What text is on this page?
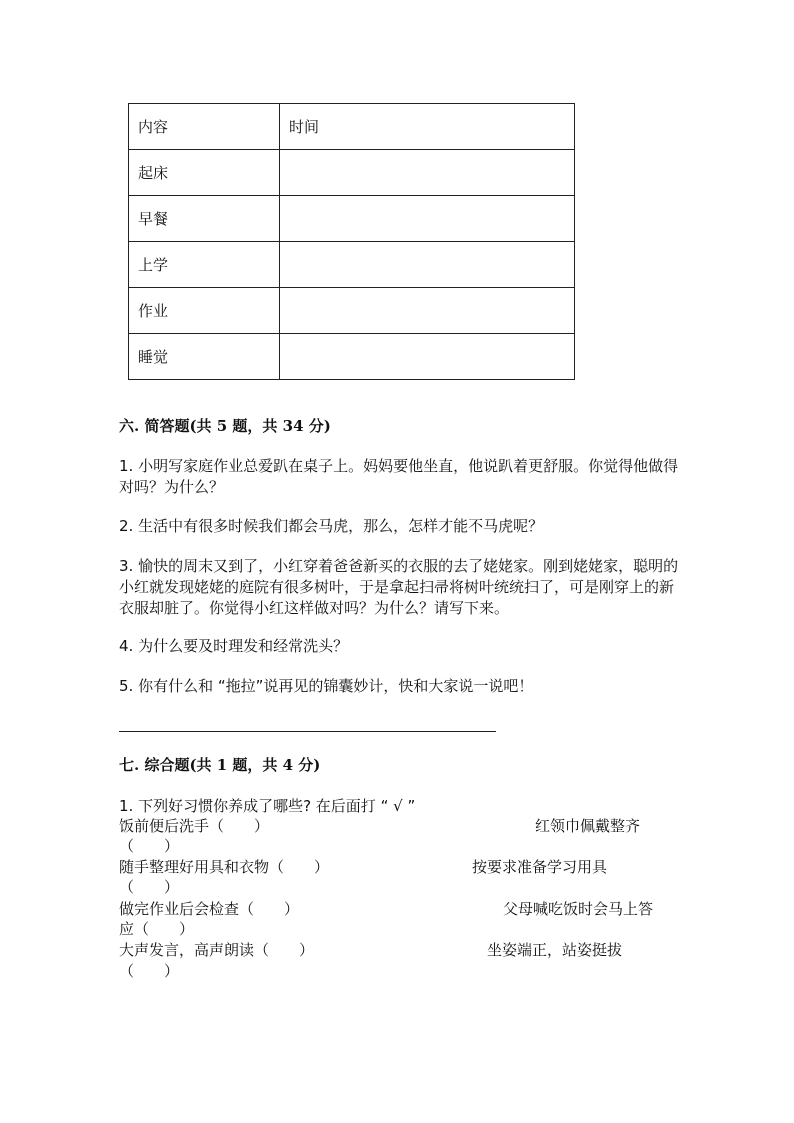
内容	时间
起床	
早餐	
上学	
作业	
睡觉	
六. 简答题(共 5 题，共 34 分)
1. 小明写家庭作业总爱趴在桌子上。妈妈要他坐直，他说趴着更舒服。你觉得他做得对吗？为什么？
2. 生活中有很多时候我们都会马虎，那么，怎样才能不马虎呢？
3. 愉快的周末又到了，小红穿着爸爸新买的衣服的去了姥姥家。刚到姥姥家，聪明的小红就发现姥姥的庭院有很多树叶，于是拿起扫帚将树叶统统扫了，可是刚穿上的新衣服却脏了。你觉得小红这样做对吗？为什么？请写下来。
4. 为什么要及时理发和经常洗头？
5. 你有什么和 “拖拉”说再见的锦囊妙计，快和大家说一说吧！
七. 综合题(共 1 题，共 4 分)
1. 下列好习惯你养成了哪些? 在后面打 “ √ ”
饭前便后洗手（　　）	红领巾佩戴整齐
（　　）
随手整理好用具和衣物（　　）	按要求准备学习用具
（　　）
做完作业后会检查（　　）	父母喊吃饭时会马上答
应（　　）
大声发言，高声朗读（　　）	坐姿端正，站姿挺拔
（　　）
